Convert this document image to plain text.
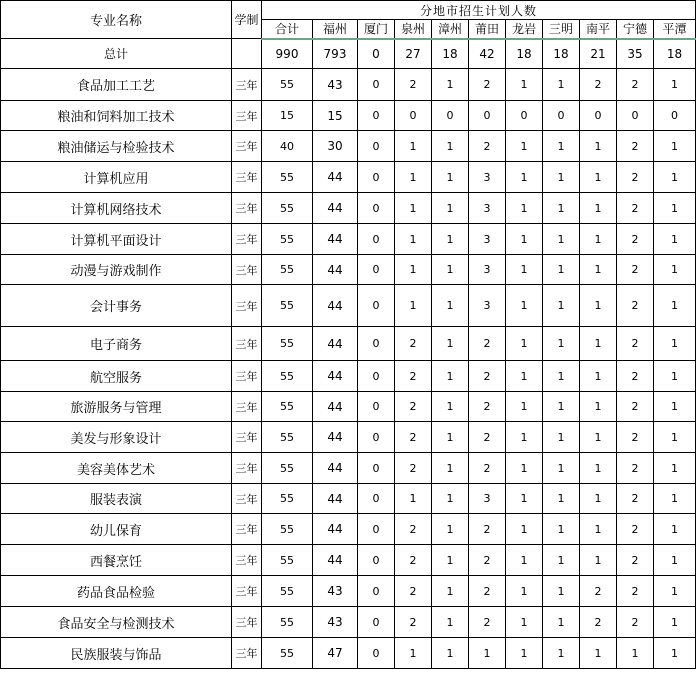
专业名称	学制	分地市招生计划人数										
		合计	福州	厦门	泉州	漳州	莆田	龙岩	三明	南平	宁德	平潭
总计		990	793	0	27	18	42	18	18	21	35	18
食品加工工艺	三年	55	43	0	2	1	2	1	1	2	2	1
粮油和饲料加工技术	三年	15	15	0	0	0	0	0	0	0	0	0
粮油储运与检验技术	三年	40	30	0	1	1	2	1	1	1	2	1
计算机应用	三年	55	44	0	1	1	3	1	1	1	2	1
计算机网络技术	三年	55	44	0	1	1	3	1	1	1	2	1
计算机平面设计	三年	55	44	0	1	1	3	1	1	1	2	1
动漫与游戏制作	三年	55	44	0	1	1	3	1	1	1	2	1
会计事务	三年	55	44	0	1	1	3	1	1	1	2	1
电子商务	三年	55	44	0	2	1	2	1	1	1	2	1
航空服务	三年	55	44	0	2	1	2	1	1	1	2	1
旅游服务与管理	三年	55	44	0	2	1	2	1	1	1	2	1
美发与形象设计	三年	55	44	0	2	1	2	1	1	1	2	1
美容美体艺术	三年	55	44	0	2	1	2	1	1	1	2	1
服装表演	三年	55	44	0	1	1	3	1	1	1	2	1
幼儿保育	三年	55	44	0	2	1	2	1	1	1	2	1
西餐烹饪	三年	55	44	0	2	1	2	1	1	1	2	1
药品食品检验	三年	55	43	0	2	1	2	1	1	2	2	1
食品安全与检测技术	三年	55	43	0	2	1	2	1	1	2	2	1
民族服装与饰品	三年	55	47	0	1	1	1	1	1	1	1	1
